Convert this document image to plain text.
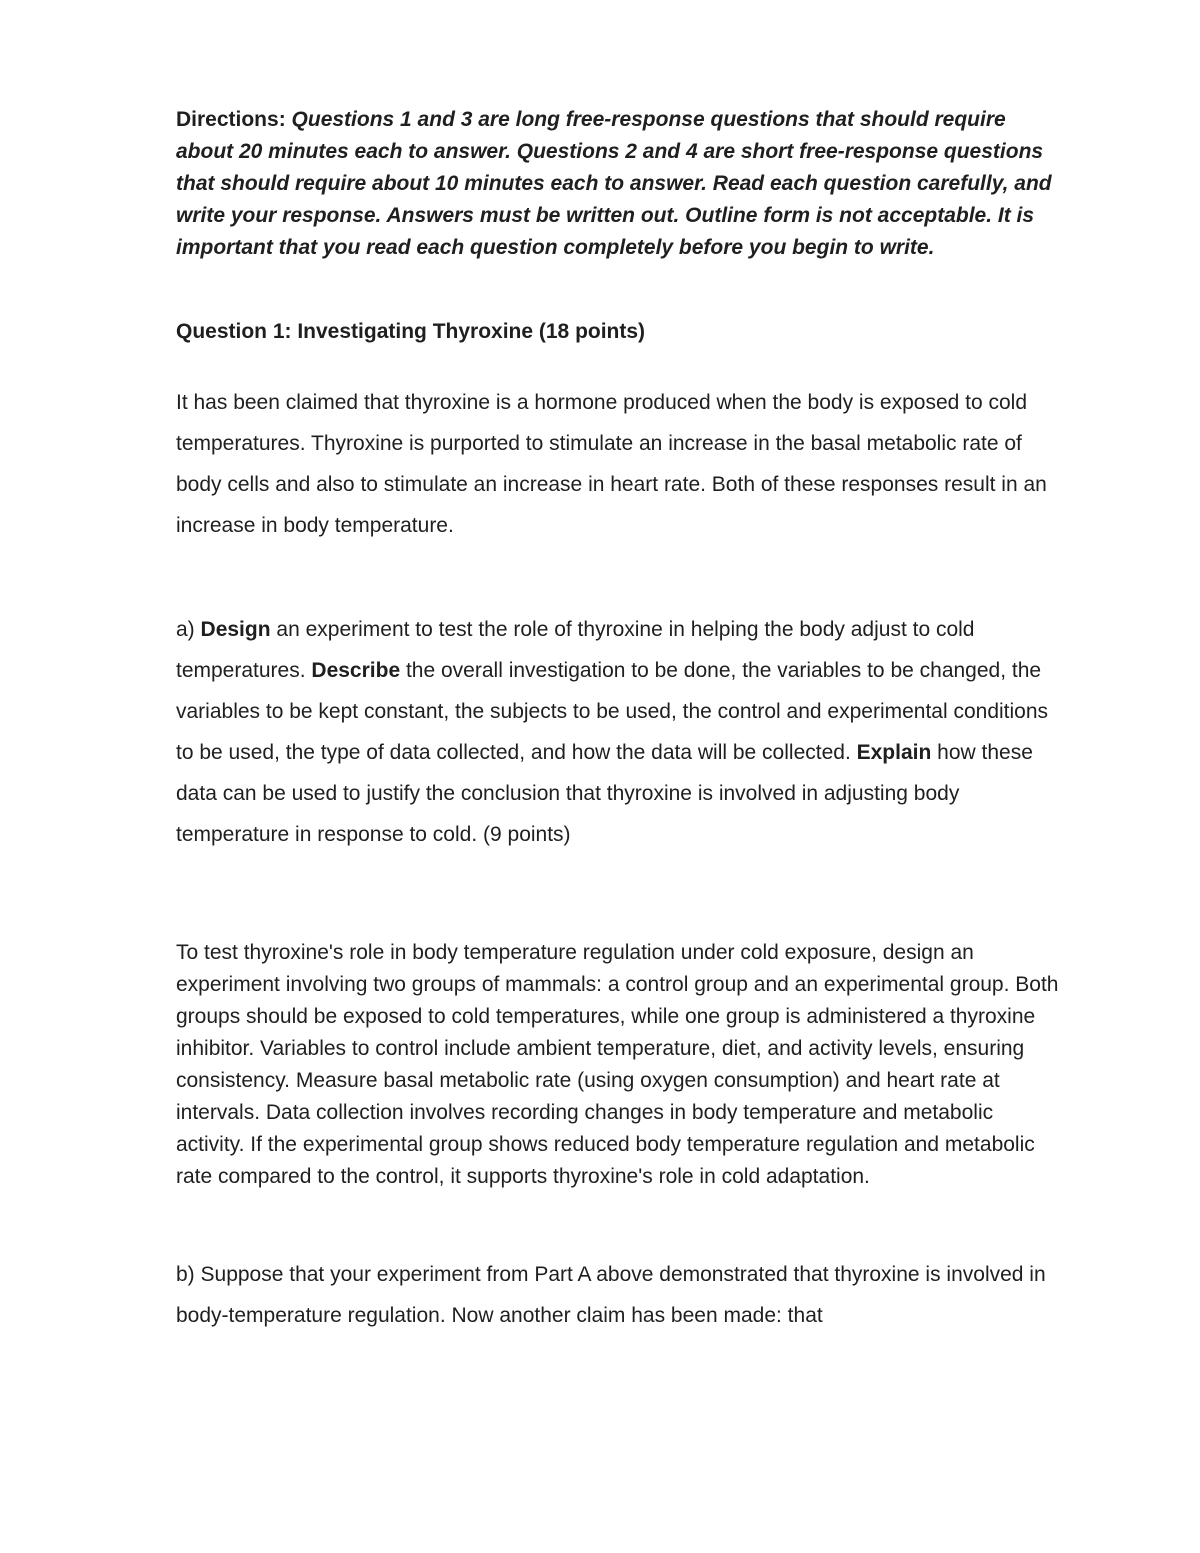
Directions: Questions 1 and 3 are long free-response questions that should require about 20 minutes each to answer. Questions 2 and 4 are short free-response questions that should require about 10 minutes each to answer. Read each question carefully, and write your response. Answers must be written out. Outline form is not acceptable. It is important that you read each question completely before you begin to write.

Question 1: Investigating Thyroxine (18 points)

It has been claimed that thyroxine is a hormone produced when the body is exposed to cold temperatures. Thyroxine is purported to stimulate an increase in the basal metabolic rate of body cells and also to stimulate an increase in heart rate. Both of these responses result in an increase in body temperature.

a) Design an experiment to test the role of thyroxine in helping the body adjust to cold temperatures. Describe the overall investigation to be done, the variables to be changed, the variables to be kept constant, the subjects to be used, the control and experimental conditions to be used, the type of data collected, and how the data will be collected. Explain how these data can be used to justify the conclusion that thyroxine is involved in adjusting body temperature in response to cold. (9 points)

To test thyroxine's role in body temperature regulation under cold exposure, design an experiment involving two groups of mammals: a control group and an experimental group. Both groups should be exposed to cold temperatures, while one group is administered a thyroxine inhibitor. Variables to control include ambient temperature, diet, and activity levels, ensuring consistency. Measure basal metabolic rate (using oxygen consumption) and heart rate at intervals. Data collection involves recording changes in body temperature and metabolic activity. If the experimental group shows reduced body temperature regulation and metabolic rate compared to the control, it supports thyroxine's role in cold adaptation.

b) Suppose that your experiment from Part A above demonstrated that thyroxine is involved in body-temperature regulation. Now another claim has been made: that
